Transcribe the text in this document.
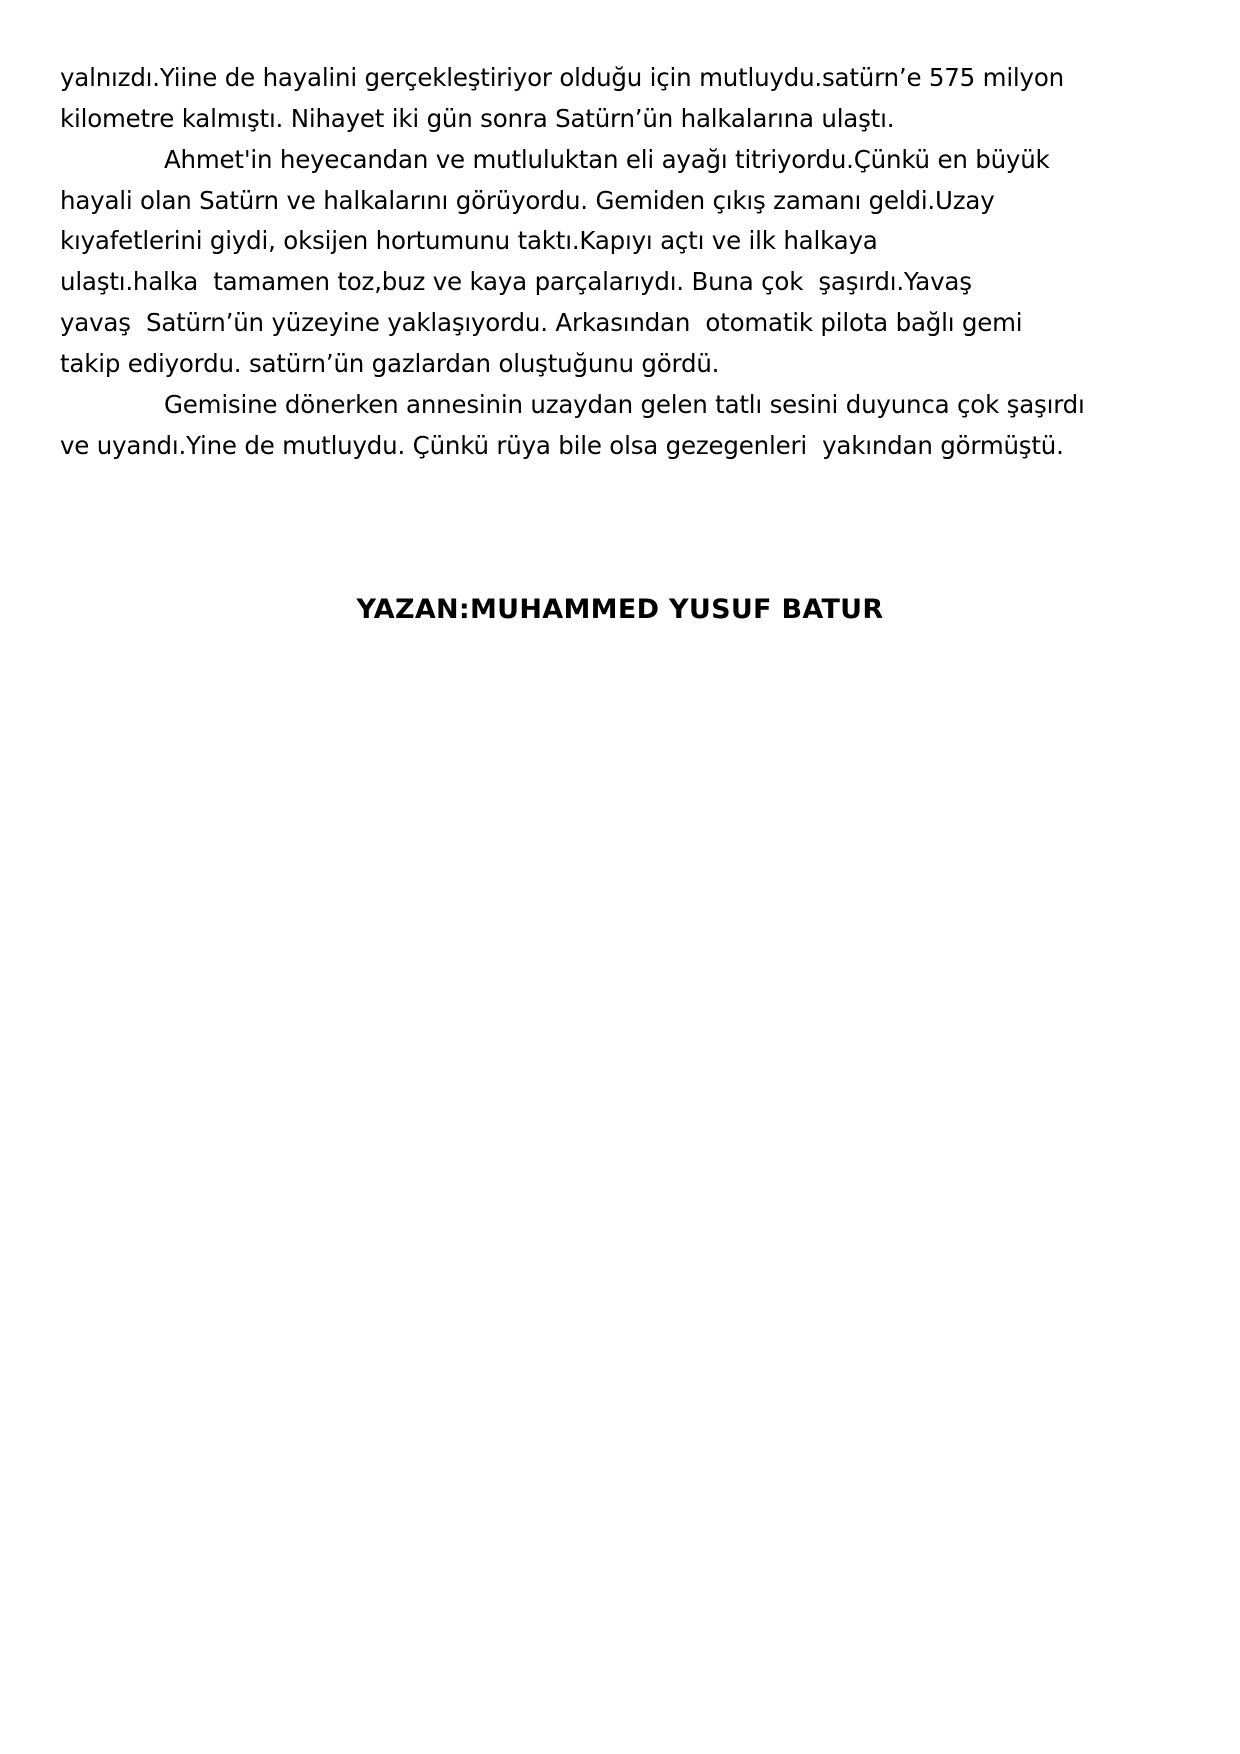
yalnızdı.Yiine de hayalini gerçekleştiriyor olduğu için mutluydu.satürn’e 575 milyon
kilometre kalmıştı. Nihayet iki gün sonra Satürn’ün halkalarına ulaştı.
Ahmet'in heyecandan ve mutluluktan eli ayağı titriyordu.Çünkü en büyük
hayali olan Satürn ve halkalarını görüyordu. Gemiden çıkış zamanı geldi.Uzay
kıyafetlerini giydi, oksijen hortumunu taktı.Kapıyı açtı ve ilk halkaya
ulaştı.halka  tamamen toz,buz ve kaya parçalarıydı. Buna çok  şaşırdı.Yavaş
yavaş  Satürn’ün yüzeyine yaklaşıyordu. Arkasından  otomatik pilota bağlı gemi
takip ediyordu. satürn’ün gazlardan oluştuğunu gördü.
Gemisine dönerken annesinin uzaydan gelen tatlı sesini duyunca çok şaşırdı
ve uyandı.Yine de mutluydu. Çünkü rüya bile olsa gezegenleri  yakından görmüştü.
YAZAN:MUHAMMED YUSUF BATUR
